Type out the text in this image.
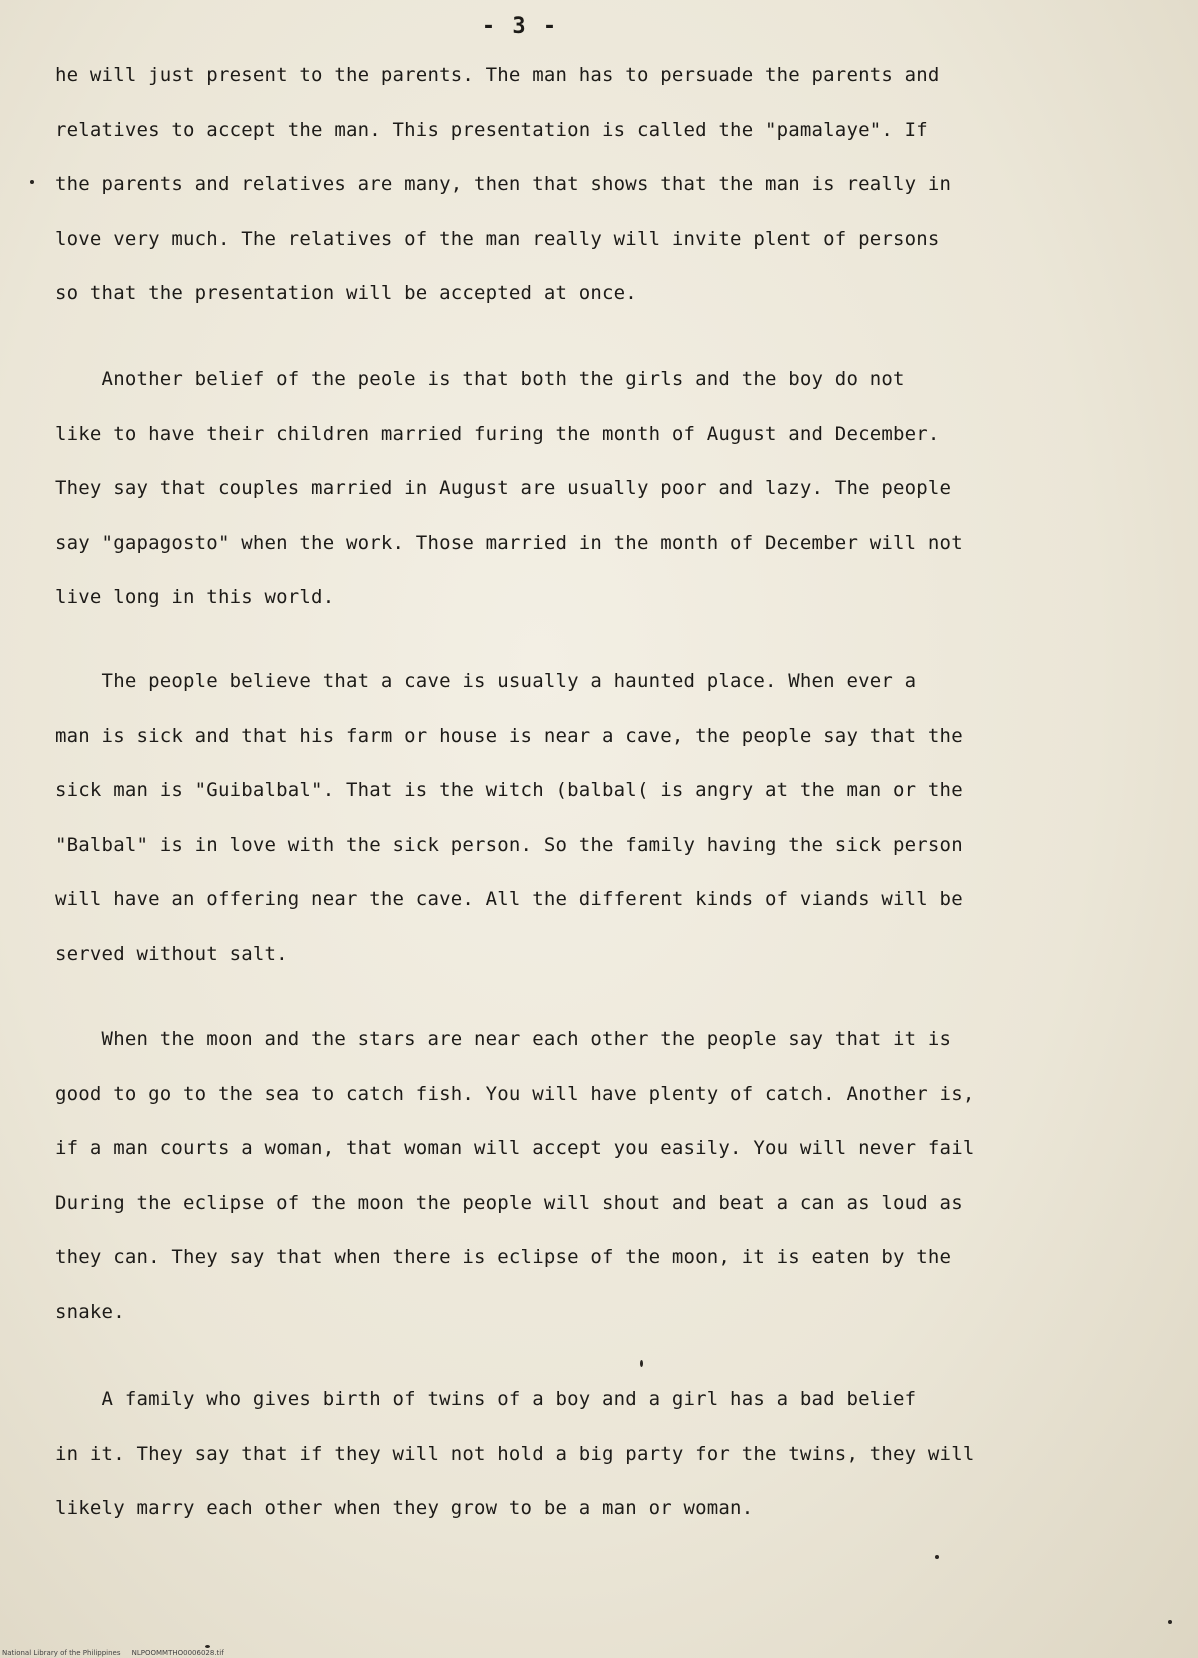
- 3 -
he will just present to the parents. The man has to persuade the parents and
relatives to accept the man. This presentation is called the "pamalaye". If
the parents and relatives are many, then that shows that the man is really in
love very much. The relatives of the man really will invite plent of persons
so that the presentation will be accepted at once.
Another belief of the peole is that both the girls and the boy do not
like to have their children married furing the month of August and December.
They say that couples married in August are usually poor and lazy. The people
say "gapagosto" when the work. Those married in the month of December will not
live long in this world.
The people believe that a cave is usually a haunted place. When ever a
man is sick and that his farm or house is near a cave, the people say that the
sick man is "Guibalbal". That is the witch (balbal( is angry at the man or the
"Balbal" is in love with the sick person. So the family having the sick person
will have an offering near the cave. All the different kinds of viands will be
served without salt.
When the moon and the stars are near each other the people say that it is
good to go to the sea to catch fish. You will have plenty of catch. Another is,
if a man courts a woman, that woman will accept you easily. You will never fail
During the eclipse of the moon the people will shout and beat a can as loud as
they can. They say that when there is eclipse of the moon, it is eaten by the
snake.
A family who gives birth of twins of a boy and a girl has a bad belief
in it. They say that if they will not hold a big party for the twins, they will
likely marry each other when they grow to be a man or woman.
National Library of the Philippines NLPOOMMTHO0006028.tif
